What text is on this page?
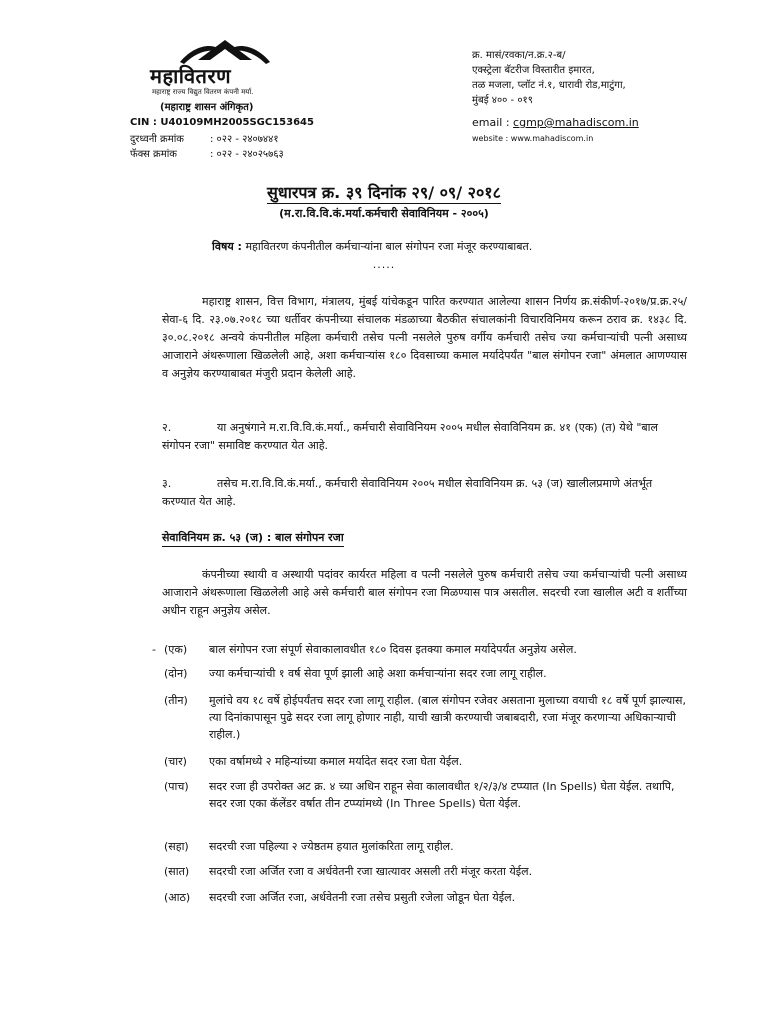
महावितरण
महाराष्ट्र राज्य विद्युत वितरण कंपनी मर्या.
(महाराष्ट्र शासन अंगिकृत)
CIN : U40109MH2005SGC153645
दुरध्वनी क्रमांक	: ०२२ - २४०७४४१
फॅक्स क्रमांक	: ०२२ - २४०२५७६३
क्र. मासं/रवका/न.क्र.२-ब/
एक्स्ट्रेला बॅटरीज विस्तारीत इमारत,
तळ मजला, प्लॉट नं.१, धारावी रोड,माटुंगा,
मुंबई ४०० - ०१९
email : cgmp@mahadiscom.in
website : www.mahadiscom.in
सुधारपत्र क्र. ३९ दिनांक २९/ ०९/ २०१८
(म.रा.वि.वि.कं.मर्या.कर्मचारी सेवाविनियम - २००५)
विषय : महावितरण कंपनीतील कर्मचाऱ्यांना बाल संगोपन रजा मंजूर करण्याबाबत.
.....

महाराष्ट्र शासन, वित्त विभाग, मंत्रालय, मुंबई यांचेकडून पारित करण्यात आलेल्या शासन निर्णय क्र.संकीर्ण-२०१७/प्र.क्र.२५/सेवा-६ दि. २३.०७.२०१८ च्या धर्तीवर कंपनीच्या संचालक मंडळाच्या बैठकीत संचालकांनी विचारविनिमय करून ठराव क्र. १४३८ दि. ३०.०८.२०१८ अन्वये कंपनीतील महिला कर्मचारी तसेच पत्नी नसलेले पुरुष वर्गीय कर्मचारी तसेच ज्या कर्मचाऱ्यांची पत्नी असाध्य आजाराने अंथरूणाला खिळलेली आहे, अशा कर्मचाऱ्यांस १८० दिवसाच्या कमाल मर्यादेपर्यंत "बाल संगोपन रजा" अंमलात आणण्यास व अनुज्ञेय करण्याबाबत मंजुरी प्रदान केलेली आहे.

२.	या अनुषंगाने म.रा.वि.वि.कं.मर्या., कर्मचारी सेवाविनियम २००५ मधील सेवाविनियम क्र. ४१ (एक) (त) येथे "बाल संगोपन रजा" समाविष्ट करण्यात येत आहे.
३.	तसेच म.रा.वि.वि.कं.मर्या., कर्मचारी सेवाविनियम २००५ मधील सेवाविनियम क्र. ५३ (ज) खालीलप्रमाणे अंतर्भूत करण्यात येत आहे.
सेवाविनियम क्र. ५३ (ज) : बाल संगोपन रजा

कंपनीच्या स्थायी व अस्थायी पदांवर कार्यरत महिला व पत्नी नसलेले पुरुष कर्मचारी तसेच ज्या कर्मचाऱ्यांची पत्नी असाध्य आजाराने अंथरूणाला खिळलेली आहे असे कर्मचारी बाल संगोपन रजा मिळण्यास पात्र असतील. सदरची रजा खालील अटी व शर्तींच्या अधीन राहून अनुज्ञेय असेल.

- (एक)	बाल संगोपन रजा संपूर्ण सेवाकालावधीत १८० दिवस इतक्या कमाल मर्यादेपर्यंत अनुज्ञेय असेल.
(दोन)	ज्या कर्मचाऱ्यांची १ वर्ष सेवा पूर्ण झाली आहे अशा कर्मचाऱ्यांना सदर रजा लागू राहील.
(तीन)	मुलांचे वय १८ वर्षे होईपर्यंतच सदर रजा लागू राहील. (बाल संगोपन रजेवर असताना मुलाच्या वयाची १८ वर्षे पूर्ण झाल्यास, त्या दिनांकापासून पुढे सदर रजा लागू होणार नाही, याची खात्री करण्याची जबाबदारी, रजा मंजूर करणाऱ्या अधिकाऱ्याची राहील.)
(चार)	एका वर्षामध्ये २ महिन्यांच्या कमाल मर्यादेत सदर रजा घेता येईल.
(पाच)	सदर रजा ही उपरोक्त अट क्र. ४ च्या अधिन राहून सेवा कालावधीत १/२/३/४ टप्प्यात (In Spells) घेता येईल. तथापि, सदर रजा एका कॅलेंडर वर्षात तीन टप्प्यांमध्ये (In Three Spells) घेता येईल.
(सहा)	सदरची रजा पहिल्या २ ज्येष्ठतम हयात मुलांकरिता लागू राहील.
(सात)	सदरची रजा अर्जित रजा व अर्धवेतनी रजा खात्यावर असली तरी मंजूर करता येईल.
(आठ)	सदरची रजा अर्जित रजा, अर्धवेतनी रजा तसेच प्रसुती रजेला जोडून घेता येईल.
